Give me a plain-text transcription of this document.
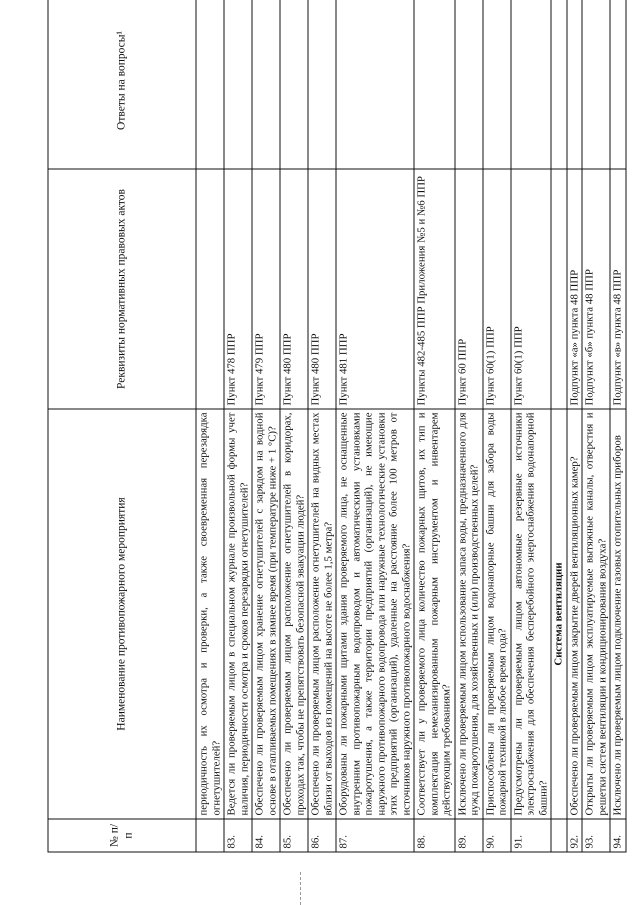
№ п/п	Наименование противопожарного мероприятия	Реквизиты нормативных правовых актов	Ответы на вопросы¹
	периодичность их осмотра и проверки, а также своевременная перезарядка огнетушителей?		
83.	Ведется ли проверяемым лицом в специальном журнале произвольной формы учет наличия, периодичности осмотра и сроков перезарядки огнетушителей?	Пункт 478 ППР	
84.	Обеспечено ли проверяемым лицом хранение огнетушителей с зарядом на водной основе в отапливаемых помещениях в зимнее время (при температуре ниже + 1 °С)?	Пункт 479 ППР	
85.	Обеспечено ли проверяемым лицом расположение огнетушителей в коридорах, проходах так, чтобы не препятствовать безопасной эвакуации людей?	Пункт 480 ППР	
86.	Обеспечено ли проверяемым лицом расположение огнетушителей на видных местах вблизи от выходов из помещений на высоте не более 1,5 метра?	Пункт 480 ППР	
87.	Оборудованы ли пожарными щитами здания проверяемого лица, не оснащенные внутренним противопожарным водопроводом и автоматическими установками пожаротушения, а также территории предприятий (организаций), не имеющие наружного противопожарного водопровода или наружные технологические установки этих предприятий (организаций), удаленные на расстояние более 100 метров от источников наружного противопожарного водоснабжения?	Пункт 481 ППР	
88.	Соответствует ли у проверяемого лица количество пожарных щитов, их тип и комплектация немеханизированным пожарным инструментом и инвентарем действующим требованиям?	Пункты 482-485 ППР Приложения №5 и №6 ППР	
89.	Исключено ли проверяемым лицом использование запаса воды, предназначенного для нужд пожаротушения, для хозяйственных и (или) производственных целей?	Пункт 60 ППР	
90.	Приспособлены ли проверяемым лицом водонапорные башни для забора воды пожарной техникой в любое время года?	Пункт 60(1) ППР	
91.	Предусмотрены ли проверяемым лицом автономные резервные источники электроснабжения для обеспечения бесперебойного энергоснабжения водонапорной башни?	Пункт 60(1) ППР	
	Система вентиляции		
92.	Обеспечено ли проверяемым лицом закрытие дверей вентиляционных камер?	Подпункт «а» пункта 48 ППР	
93.	Открыты ли проверяемым лицом эксплуатируемые вытяжные каналы, отверстия и решетки систем вентиляции и кондиционирования воздуха?	Подпункт «б» пункта 48 ППР	
94.	Исключено ли проверяемым лицом подключение газовых отопительных приборов	Подпункт «в» пункта 48 ППР	
